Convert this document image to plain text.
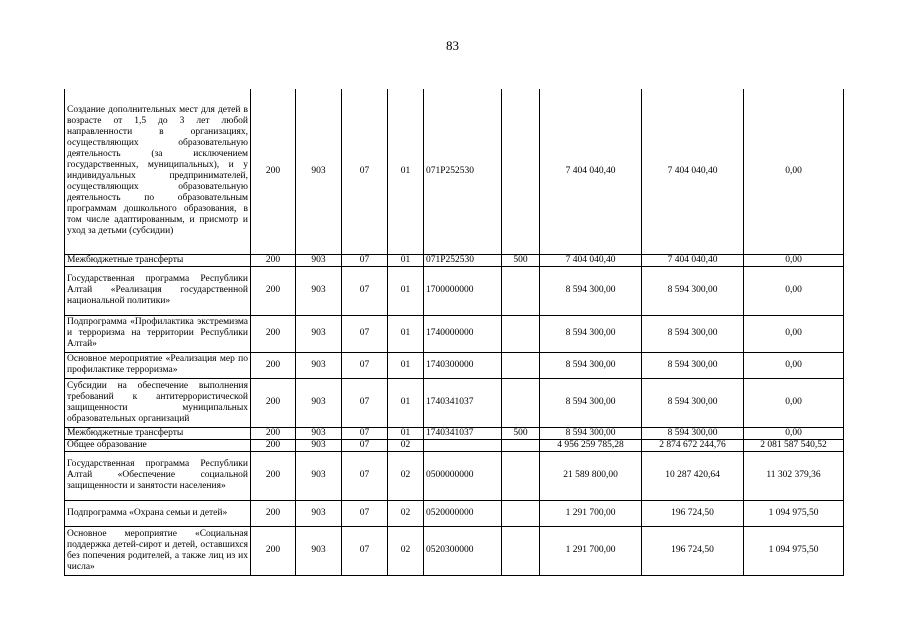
83
Создание дополнительных мест для детей в возрасте от 1,5 до 3 лет любой направленности в организациях, осуществляющих образовательную деятельность (за исключением государственных, муниципальных), и у индивидуальных предпринимателей, осуществляющих образовательную деятельность по образовательным программам дошкольного образования, в том числе адаптированным, и присмотр и уход за детьми (субсидии)	200	903	07	01	071P252530		7 404 040,40	7 404 040,40	0,00
Межбюджетные трансферты	200	903	07	01	071P252530	500	7 404 040,40	7 404 040,40	0,00
Государственная программа Республики Алтай «Реализация государственной национальной политики»	200	903	07	01	1700000000		8 594 300,00	8 594 300,00	0,00
Подпрограмма «Профилактика экстремизма и терроризма на территории Республики Алтай»	200	903	07	01	1740000000		8 594 300,00	8 594 300,00	0,00
Основное мероприятие «Реализация мер по профилактике терроризма»	200	903	07	01	1740300000		8 594 300,00	8 594 300,00	0,00
Субсидии на обеспечение выполнения требований к антитеррористической защищенности муниципальных образовательных организаций	200	903	07	01	1740341037		8 594 300,00	8 594 300,00	0,00
Межбюджетные трансферты	200	903	07	01	1740341037	500	8 594 300,00	8 594 300,00	0,00
Общее образование	200	903	07	02			4 956 259 785,28	2 874 672 244,76	2 081 587 540,52
Государственная программа Республики Алтай «Обеспечение социальной защищенности и занятости населения»	200	903	07	02	0500000000		21 589 800,00	10 287 420,64	11 302 379,36
Подпрограмма «Охрана семьи и детей»	200	903	07	02	0520000000		1 291 700,00	196 724,50	1 094 975,50
Основное мероприятие «Социальная поддержка детей-сирот и детей, оставшихся без попечения родителей, а также лиц из их числа»	200	903	07	02	0520300000		1 291 700,00	196 724,50	1 094 975,50
